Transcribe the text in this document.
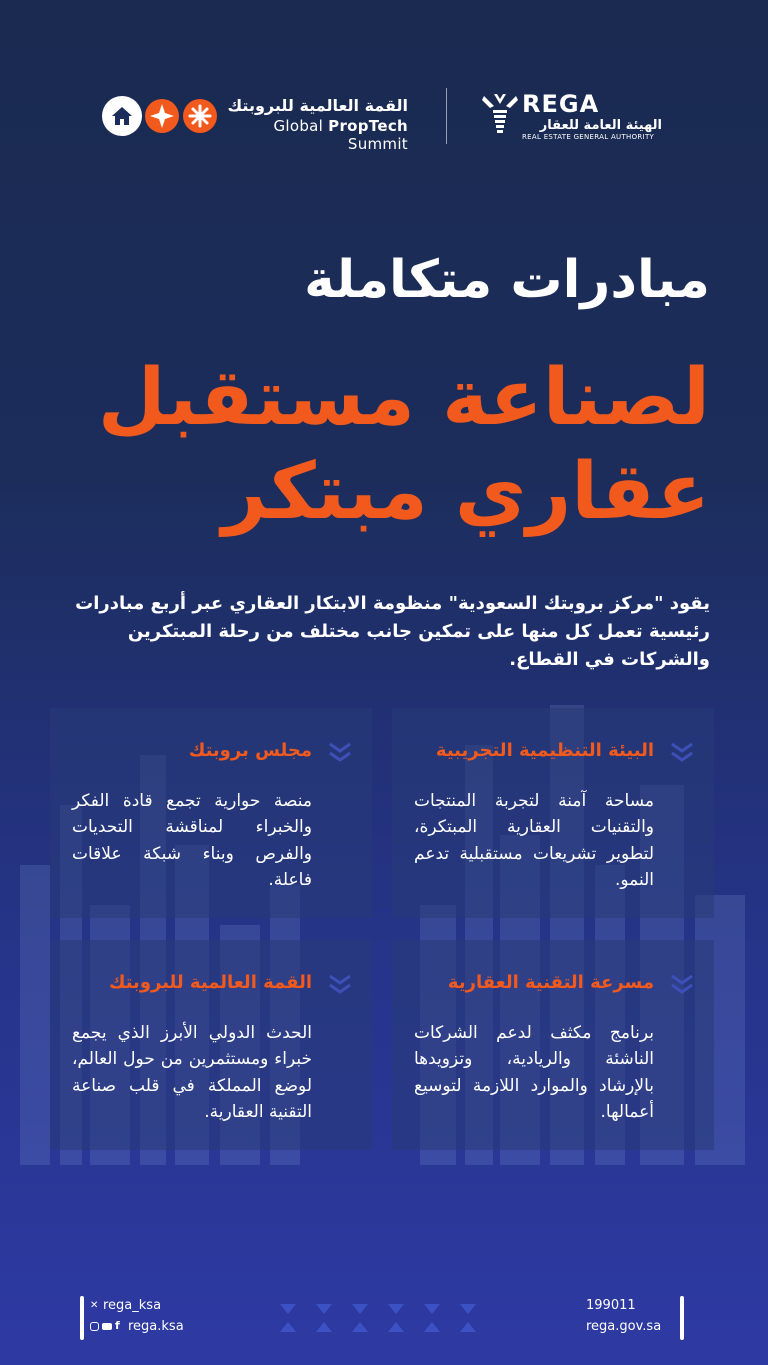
القمة العالمية للبروبتك
Global PropTech Summit
REGA
الهيئة العامة للعقار
REAL ESTATE GENERAL AUTHORITY
مبادرات متكاملة
لصناعة مستقبل
عقاري مبتكر
يقود "مركز بروبتك السعودية" منظومة الابتكار العقاري عبر أربع مبادرات رئيسية تعمل كل منها على تمكين جانب مختلف من رحلة المبتكرين والشركات في القطاع.
البيئة التنظيمية التجريبية
مساحة آمنة لتجربة المنتجات والتقنيات العقارية المبتكرة، لتطوير تشريعات مستقبلية تدعم النمو.
مجلس بروبتك
منصة حوارية تجمع قادة الفكر والخبراء لمناقشة التحديات والفرص وبناء شبكة علاقات فاعلة.
مسرعة التقنية العقارية
برنامج مكثف لدعم الشركات الناشئة والريادية، وتزويدها بالإرشاد والموارد اللازمة لتوسيع أعمالها.
القمة العالمية للبروبتك
الحدث الدولي الأبرز الذي يجمع خبراء ومستثمرين من حول العالم، لوضع المملكة في قلب صناعة التقنية العقارية.
✕ rega_ksa
f rega.ksa
199011
rega.gov.sa
